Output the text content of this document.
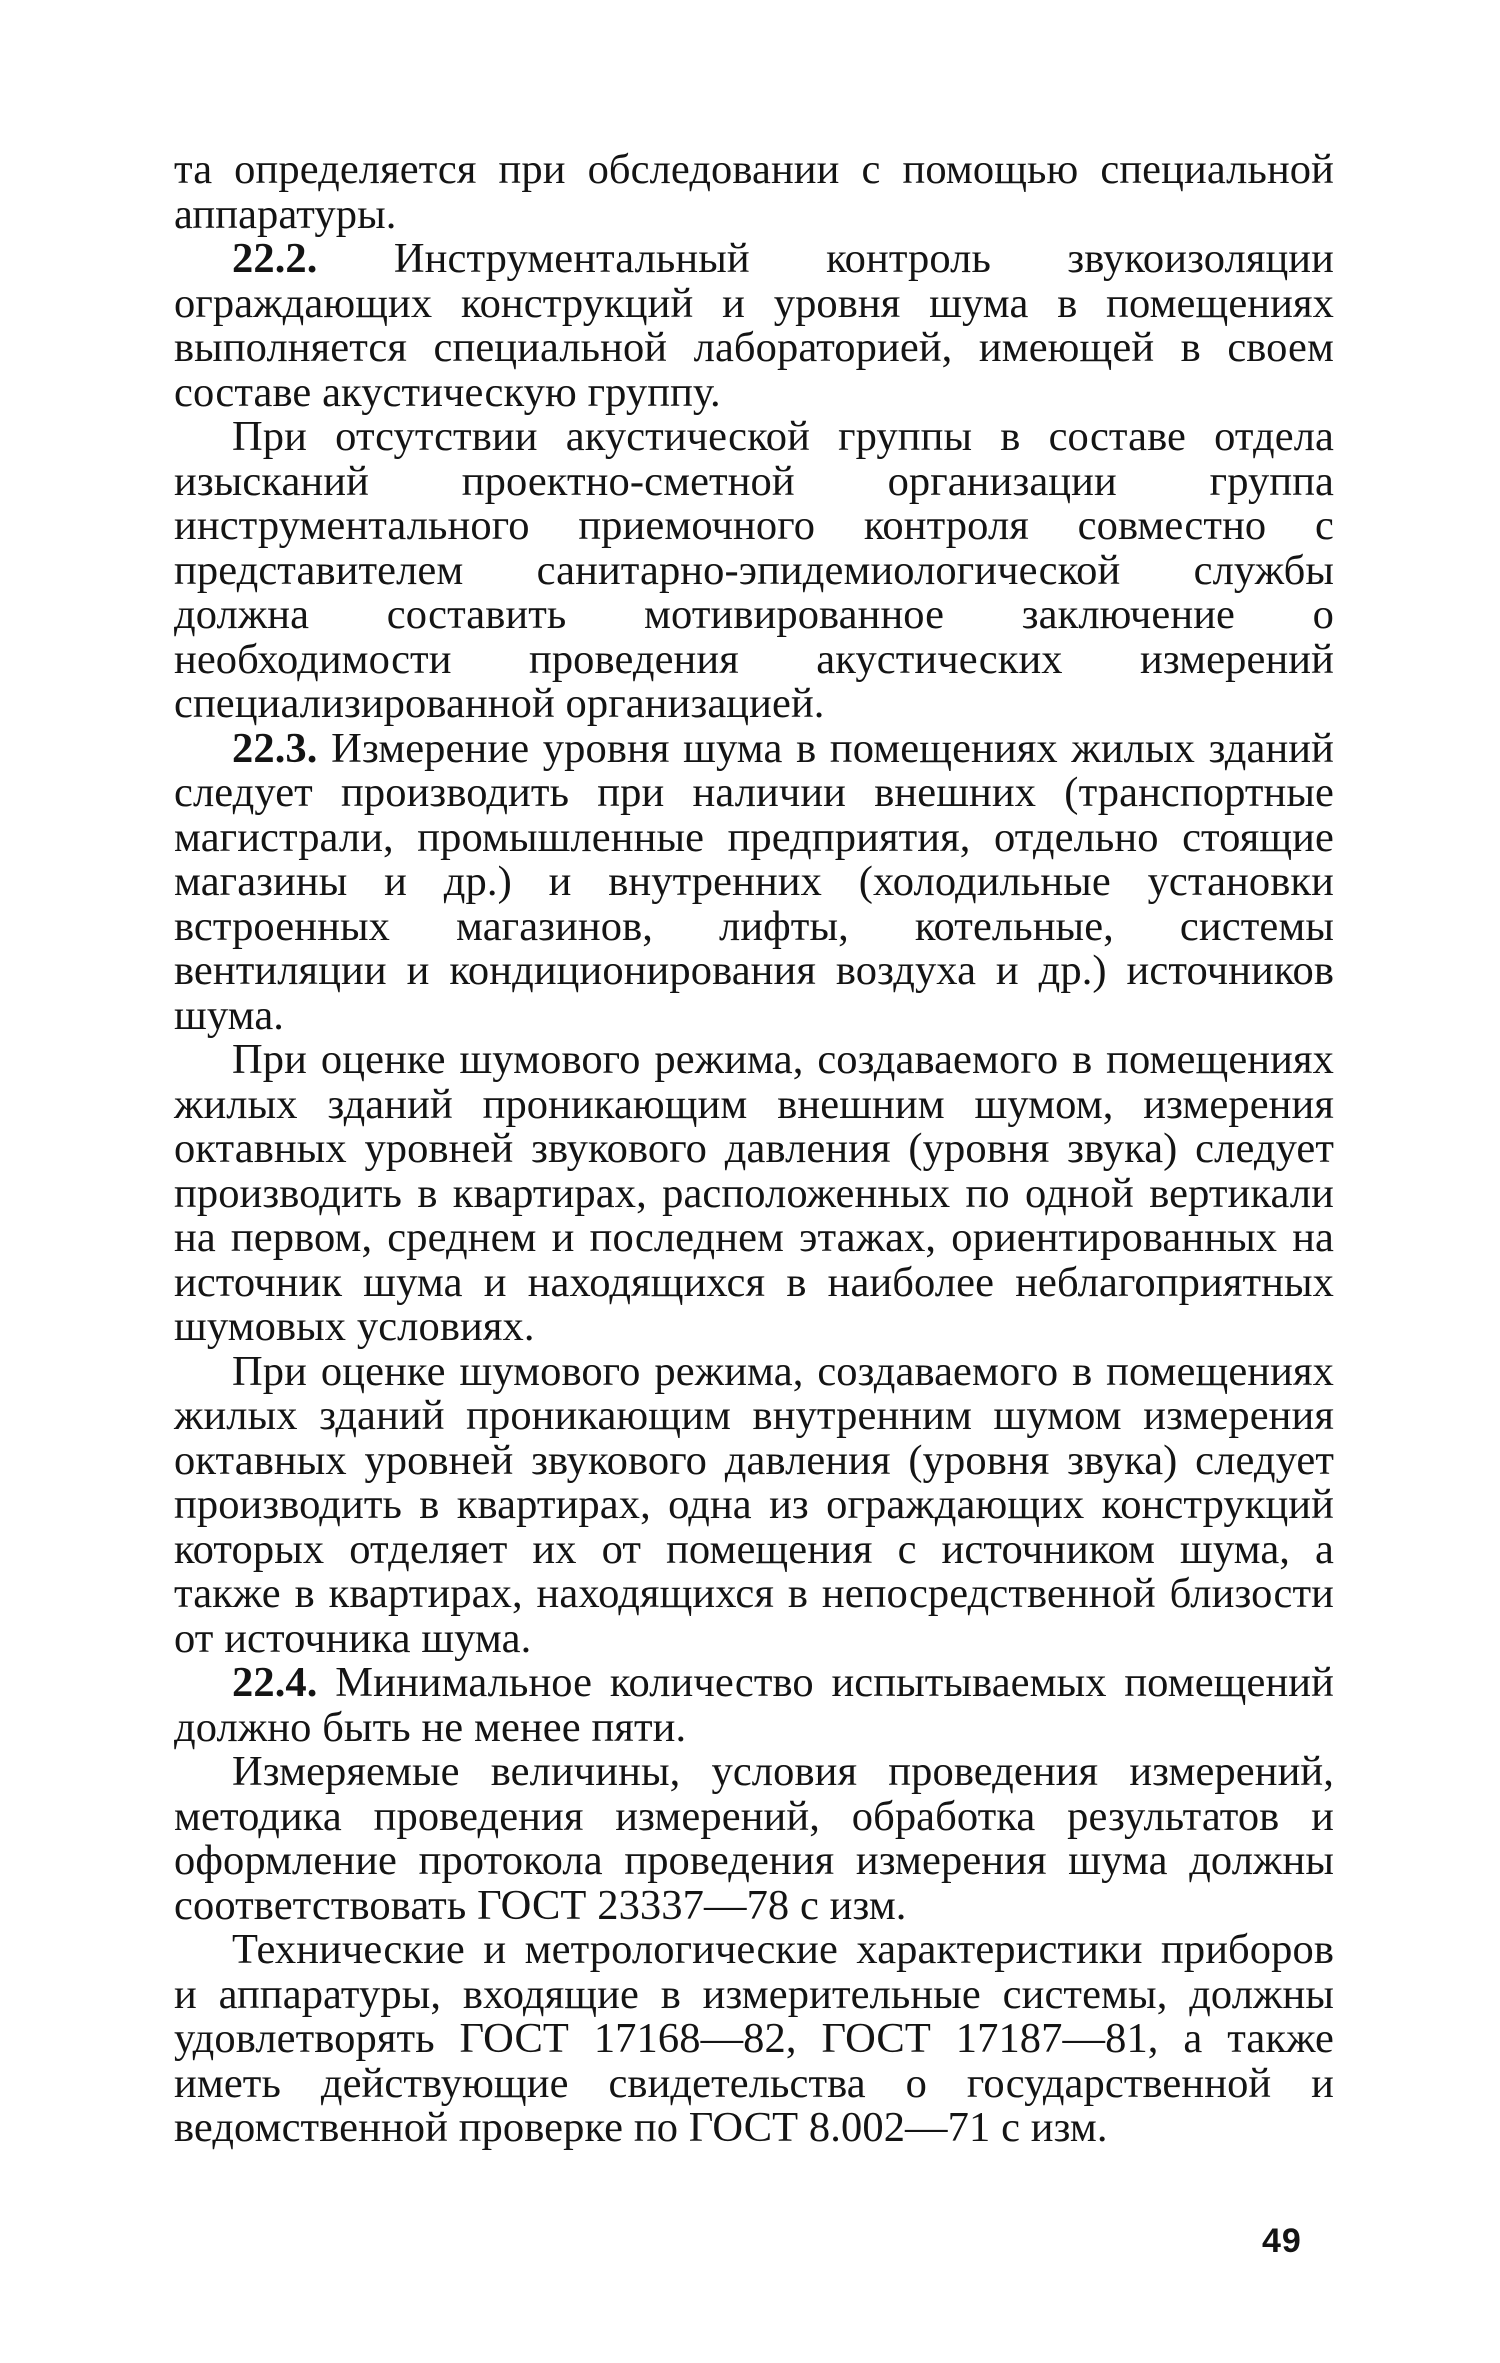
та определяется при обследовании с помощью специальной аппаратуры.

22.2. Инструментальный контроль звукоизоляции ограждающих конструкций и уровня шума в помещениях выполняется специальной лабораторией, имеющей в своем составе акустическую группу.

При отсутствии акустической группы в составе отдела изысканий проектно-сметной организации группа инструментального приемочного контроля совместно с представителем санитарно-эпидемиологической службы должна составить мотивированное заключение о необходимости проведения акустических измерений специализированной организацией.

22.3. Измерение уровня шума в помещениях жилых зданий следует производить при наличии внешних (транспортные магистрали, промышленные предприятия, отдельно стоящие магазины и др.) и внутренних (холодильные установки встроенных магазинов, лифты, котельные, системы вентиляции и кондиционирования воздуха и др.) источников шума.

При оценке шумового режима, создаваемого в помещениях жилых зданий проникающим внешним шумом, измерения октавных уровней звукового давления (уровня звука) следует производить в квартирах, расположенных по одной вертикали на первом, среднем и последнем этажах, ориентированных на источник шума и находящихся в наиболее неблагоприятных шумовых условиях.

При оценке шумового режима, создаваемого в помещениях жилых зданий проникающим внутренним шумом измерения октавных уровней звукового давления (уровня звука) следует производить в квартирах, одна из ограждающих конструкций которых отделяет их от помещения с источником шума, а также в квартирах, находящихся в непосредственной близости от источника шума.

22.4. Минимальное количество испытываемых помещений должно быть не менее пяти.

Измеряемые величины, условия проведения измерений, методика проведения измерений, обработка результатов и оформление протокола проведения измерения шума должны соответствовать ГОСТ 23337—78 с изм.

Технические и метрологические характеристики приборов и аппаратуры, входящие в измерительные системы, должны удовлетворять ГОСТ 17168—82, ГОСТ 17187—81, а также иметь действующие свидетельства о государственной и ведомственной проверке по ГОСТ 8.002—71 с изм.

49
